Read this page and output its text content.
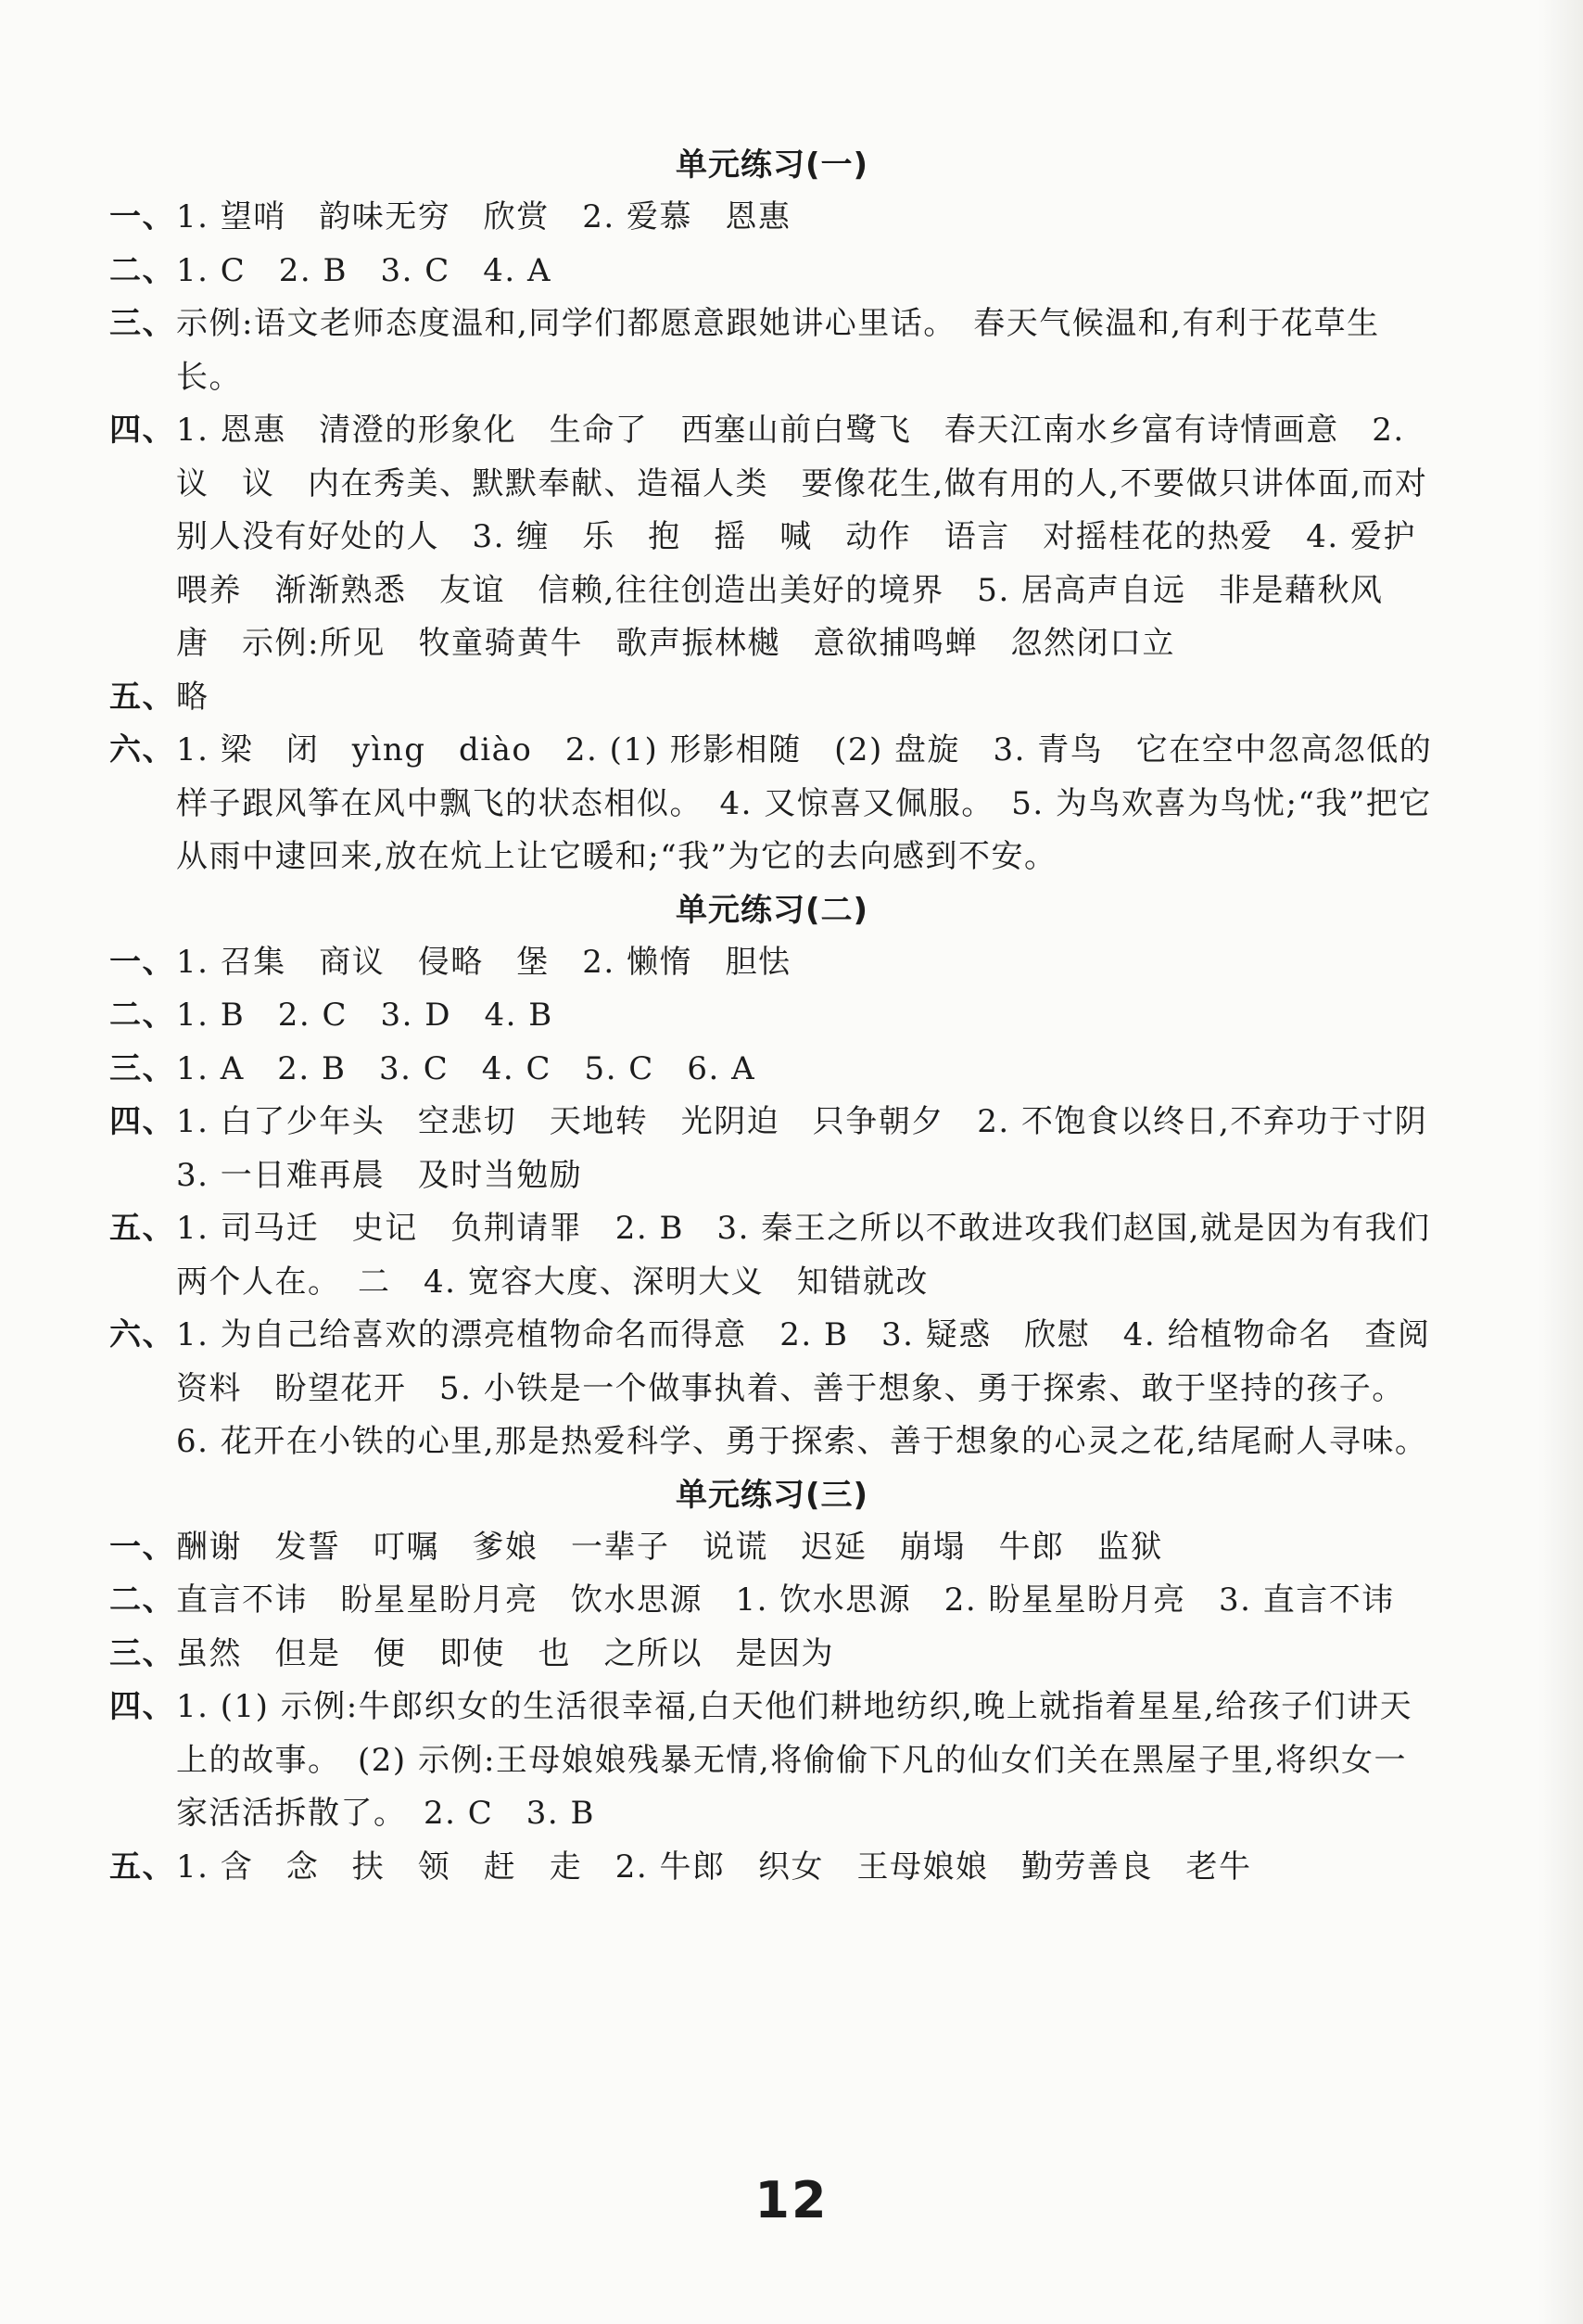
单元练习(一)
一、 1. 望哨　韵味无穷　欣赏　2. 爱慕　恩惠
二、 1. C　2. B　3. C　4. A
三、 示例:语文老师态度温和,同学们都愿意跟她讲心里话。　春天气候温和,有利于花草生长。
四、 1. 恩惠　清澄的形象化　生命了　西塞山前白鹭飞　春天江南水乡富有诗情画意　2. 议　议　内在秀美、默默奉献、造福人类　要像花生,做有用的人,不要做只讲体面,而对别人没有好处的人　3. 缠　乐　抱　摇　喊　动作　语言　对摇桂花的热爱　4. 爱护　喂养　渐渐熟悉　友谊　信赖,往往创造出美好的境界　5. 居高声自远　非是藉秋风　唐　示例:所见　牧童骑黄牛　歌声振林樾　意欲捕鸣蝉　忽然闭口立
五、 略
六、 1. 梁　闭　yìng　diào　2. (1) 形影相随　(2) 盘旋　3. 青鸟　它在空中忽高忽低的样子跟风筝在风中飘飞的状态相似。　4. 又惊喜又佩服。　5. 为鸟欢喜为鸟忧;“我”把它从雨中逮回来,放在炕上让它暖和;“我”为它的去向感到不安。
单元练习(二)
一、 1. 召集　商议　侵略　堡　2. 懒惰　胆怯
二、 1. B　2. C　3. D　4. B
三、 1. A　2. B　3. C　4. C　5. C　6. A
四、 1. 白了少年头　空悲切　天地转　光阴迫　只争朝夕　2. 不饱食以终日,不弃功于寸阴　3. 一日难再晨　及时当勉励
五、 1. 司马迁　史记　负荆请罪　2. B　3. 秦王之所以不敢进攻我们赵国,就是因为有我们两个人在。　二　4. 宽容大度、深明大义　知错就改
六、 1. 为自己给喜欢的漂亮植物命名而得意　2. B　3. 疑惑　欣慰　4. 给植物命名　查阅资料　盼望花开　5. 小铁是一个做事执着、善于想象、勇于探索、敢于坚持的孩子。　6. 花开在小铁的心里,那是热爱科学、勇于探索、善于想象的心灵之花,结尾耐人寻味。
单元练习(三)
一、 酬谢　发誓　叮嘱　爹娘　一辈子　说谎　迟延　崩塌　牛郎　监狱
二、 直言不讳　盼星星盼月亮　饮水思源　1. 饮水思源　2. 盼星星盼月亮　3. 直言不讳
三、 虽然　但是　便　即使　也　之所以　是因为
四、 1. (1) 示例:牛郎织女的生活很幸福,白天他们耕地纺织,晚上就指着星星,给孩子们讲天上的故事。　(2) 示例:王母娘娘残暴无情,将偷偷下凡的仙女们关在黑屋子里,将织女一家活活拆散了。　2. C　3. B
五、 1. 含　念　扶　领　赶　走　2. 牛郎　织女　王母娘娘　勤劳善良　老牛
12
